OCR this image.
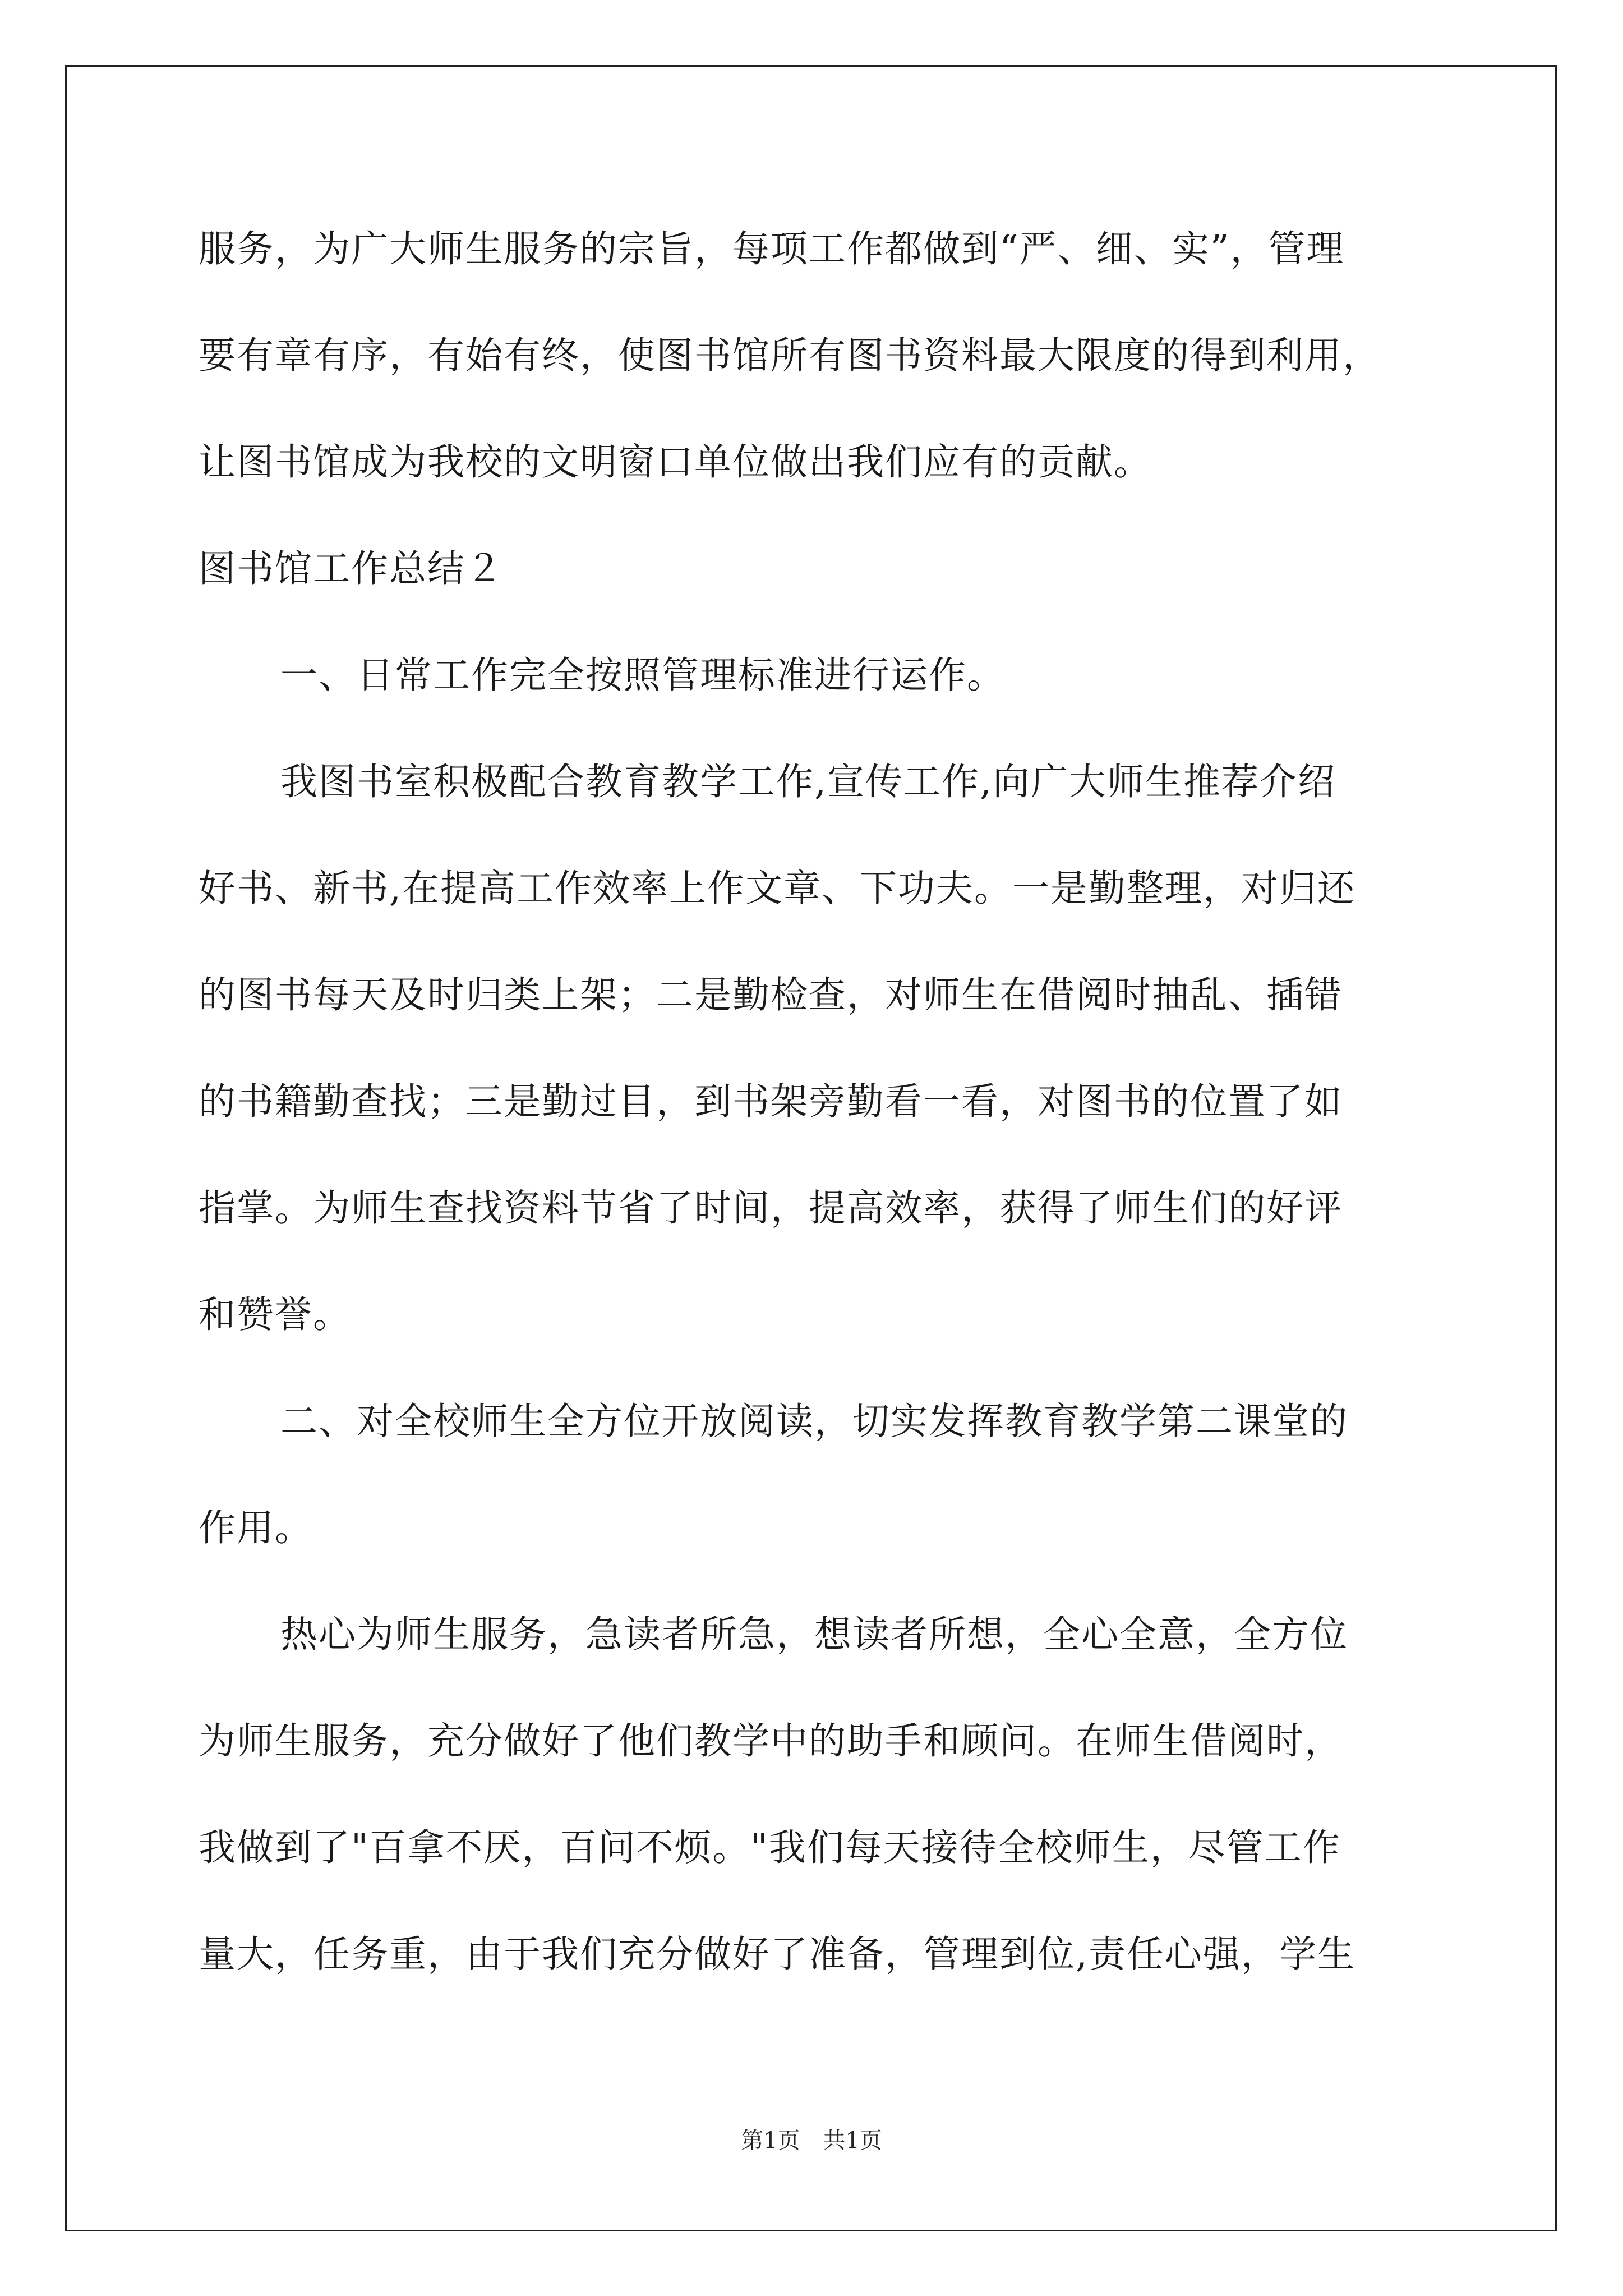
服务，为广大师生服务的宗旨，每项工作都做到“严、细、实”，管理
要有章有序，有始有终，使图书馆所有图书资料最大限度的得到利用，
让图书馆成为我校的文明窗口单位做出我们应有的贡献。
图书馆工作总结２
一、日常工作完全按照管理标准进行运作。
我图书室积极配合教育教学工作,宣传工作,向广大师生推荐介绍
好书、新书,在提高工作效率上作文章、下功夫。一是勤整理，对归还
的图书每天及时归类上架；二是勤检查，对师生在借阅时抽乱、插错
的书籍勤查找；三是勤过目，到书架旁勤看一看，对图书的位置了如
指掌。为师生查找资料节省了时间，提高效率，获得了师生们的好评
和赞誉。
二、对全校师生全方位开放阅读，切实发挥教育教学第二课堂的
作用。
热心为师生服务，急读者所急，想读者所想，全心全意，全方位
为师生服务，充分做好了他们教学中的助手和顾问。在师生借阅时，
我做到了"百拿不厌，百问不烦。"我们每天接待全校师生，尽管工作
量大，任务重，由于我们充分做好了准备，管理到位,责任心强，学生
第1页 共1页
